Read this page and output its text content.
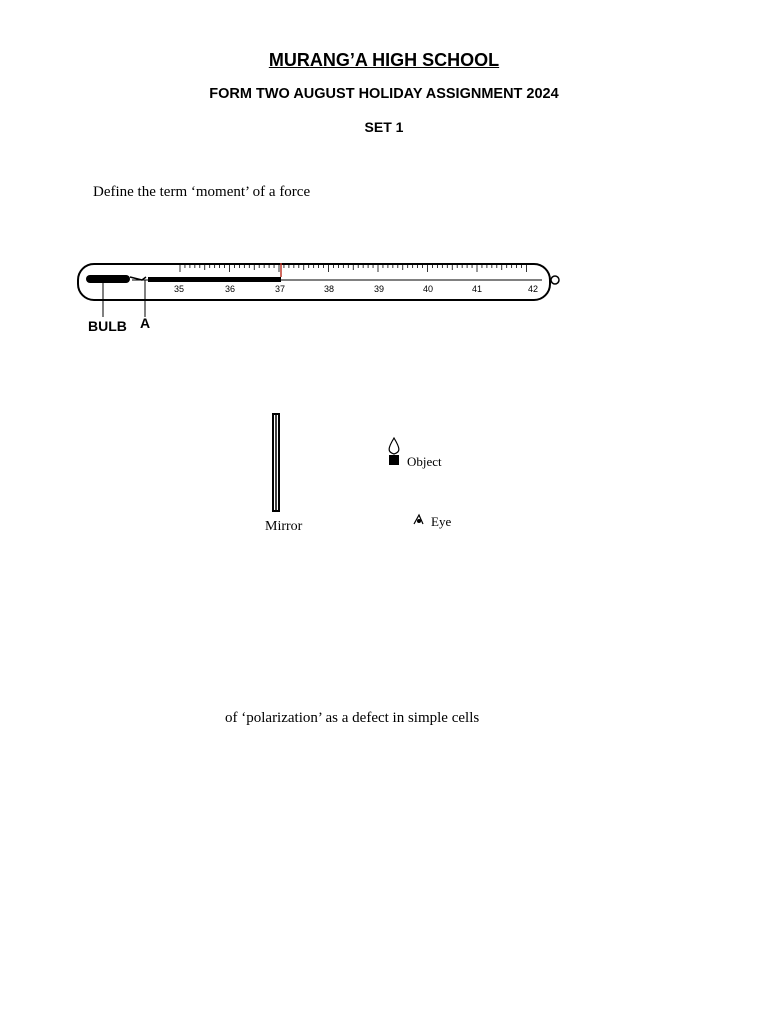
MURANG’A HIGH SCHOOL
FORM TWO AUGUST HOLIDAY ASSIGNMENT 2024
SET 1
Define the term ‘moment’ of a force
35	36	37	38	39	40	41	42
BULB A
Mirror
Object
Eye
of ‘polarization’ as a defect in simple cells
